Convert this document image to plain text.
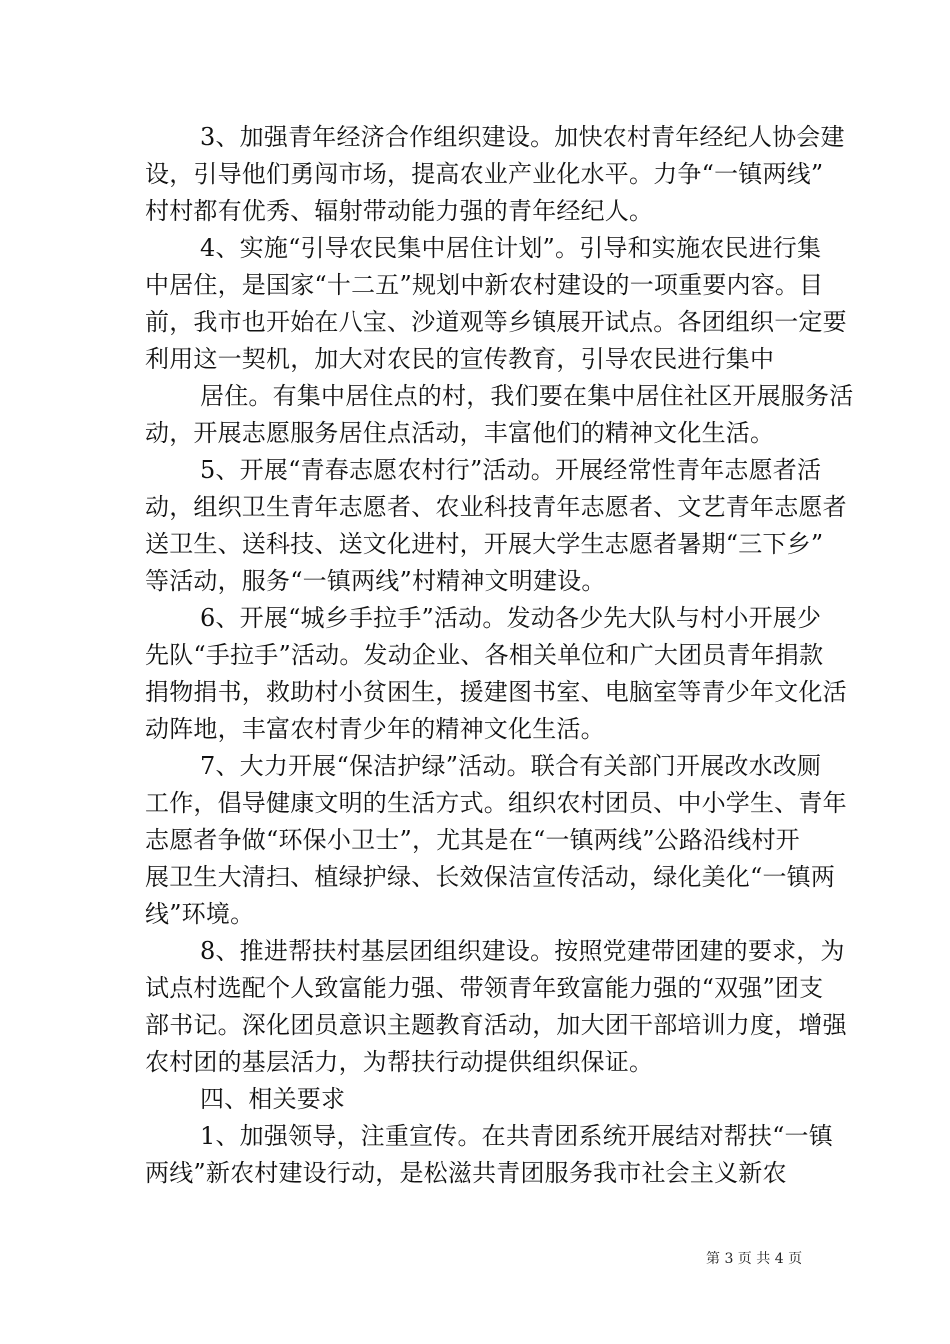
3、加强青年经济合作组织建设。加快农村青年经纪人协会建
设，引导他们勇闯市场，提高农业产业化水平。力争“一镇两线”
村村都有优秀、辐射带动能力强的青年经纪人。
4、实施“引导农民集中居住计划”。引导和实施农民进行集
中居住，是国家“十二五”规划中新农村建设的一项重要内容。目
前，我市也开始在八宝、沙道观等乡镇展开试点。各团组织一定要
利用这一契机，加大对农民的宣传教育，引导农民进行集中
居住。有集中居住点的村，我们要在集中居住社区开展服务活
动，开展志愿服务居住点活动，丰富他们的精神文化生活。
5、开展“青春志愿农村行”活动。开展经常性青年志愿者活
动，组织卫生青年志愿者、农业科技青年志愿者、文艺青年志愿者
送卫生、送科技、送文化进村，开展大学生志愿者暑期“三下乡”
等活动，服务“一镇两线”村精神文明建设。
6、开展“城乡手拉手”活动。发动各少先大队与村小开展少
先队“手拉手”活动。发动企业、各相关单位和广大团员青年捐款
捐物捐书，救助村小贫困生，援建图书室、电脑室等青少年文化活
动阵地，丰富农村青少年的精神文化生活。
7、大力开展“保洁护绿”活动。联合有关部门开展改水改厕
工作，倡导健康文明的生活方式。组织农村团员、中小学生、青年
志愿者争做“环保小卫士”，尤其是在“一镇两线”公路沿线村开
展卫生大清扫、植绿护绿、长效保洁宣传活动，绿化美化“一镇两
线”环境。
8、推进帮扶村基层团组织建设。按照党建带团建的要求，为
试点村选配个人致富能力强、带领青年致富能力强的“双强”团支
部书记。深化团员意识主题教育活动，加大团干部培训力度，增强
农村团的基层活力，为帮扶行动提供组织保证。
四、相关要求
1、加强领导，注重宣传。在共青团系统开展结对帮扶“一镇
两线”新农村建设行动，是松滋共青团服务我市社会主义新农
第 3 页 共 4 页
